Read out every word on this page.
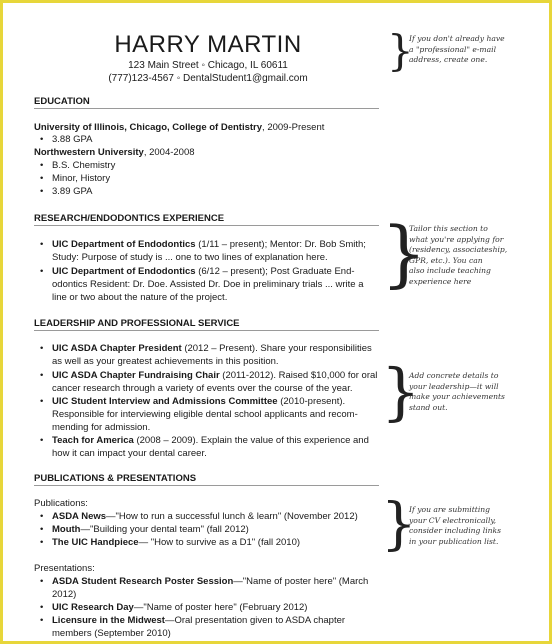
HARRY MARTIN
123 Main Street ◦ Chicago, IL 60611
(777)123-4567 ◦ DentalStudent1@gmail.com
}
If you don't already have
a "professional" e-mail
address, create one.
EDUCATION
University of Illinois, Chicago, College of Dentistry, 2009-Present
• 3.88 GPA
Northwestern University, 2004-2008
• B.S. Chemistry
• Minor, History
• 3.89 GPA
RESEARCH/ENDODONTICS EXPERIENCE
• UIC Department of Endodontics (1/11 – present); Mentor: Dr. Bob Smith;
Study: Purpose of study is ... one to two lines of explanation here.
• UIC Department of Endodontics (6/12 – present); Post Graduate End-
odontics Resident: Dr. Doe. Assisted Dr. Doe in preliminary trials ... write a
line or two about the nature of the project.
}
Tailor this section to
what you're applying for
(residency, associateship,
GPR, etc.). You can
also include teaching
experience here
LEADERSHIP AND PROFESSIONAL SERVICE
• UIC ASDA Chapter President (2012 – Present). Share your responsibilities
as well as your greatest achievements in this position.
• UIC ASDA Chapter Fundraising Chair (2011-2012). Raised $10,000 for oral
cancer research through a variety of events over the course of the year.
• UIC Student Interview and Admissions Committee (2010-present).
Responsible for interviewing eligible dental school applicants and recom-
mending for admission.
• Teach for America (2008 – 2009). Explain the value of this experience and
how it can impact your dental career.
}
Add concrete details to
your leadership—it will
make your achievements
stand out.
PUBLICATIONS & PRESENTATIONS
Publications:
• ASDA News—"How to run a successful lunch & learn" (November 2012)
• Mouth—"Building your dental team" (fall 2012)
• The UIC Handpiece— "How to survive as a D1" (fall 2010)
Presentations:
• ASDA Student Research Poster Session—"Name of poster here" (March
2012)
• UIC Research Day—"Name of poster here" (February 2012)
• Licensure in the Midwest—Oral presentation given to ASDA chapter
members (September 2010)
}
If you are submitting
your CV electronically,
consider including links
in your publication list.
